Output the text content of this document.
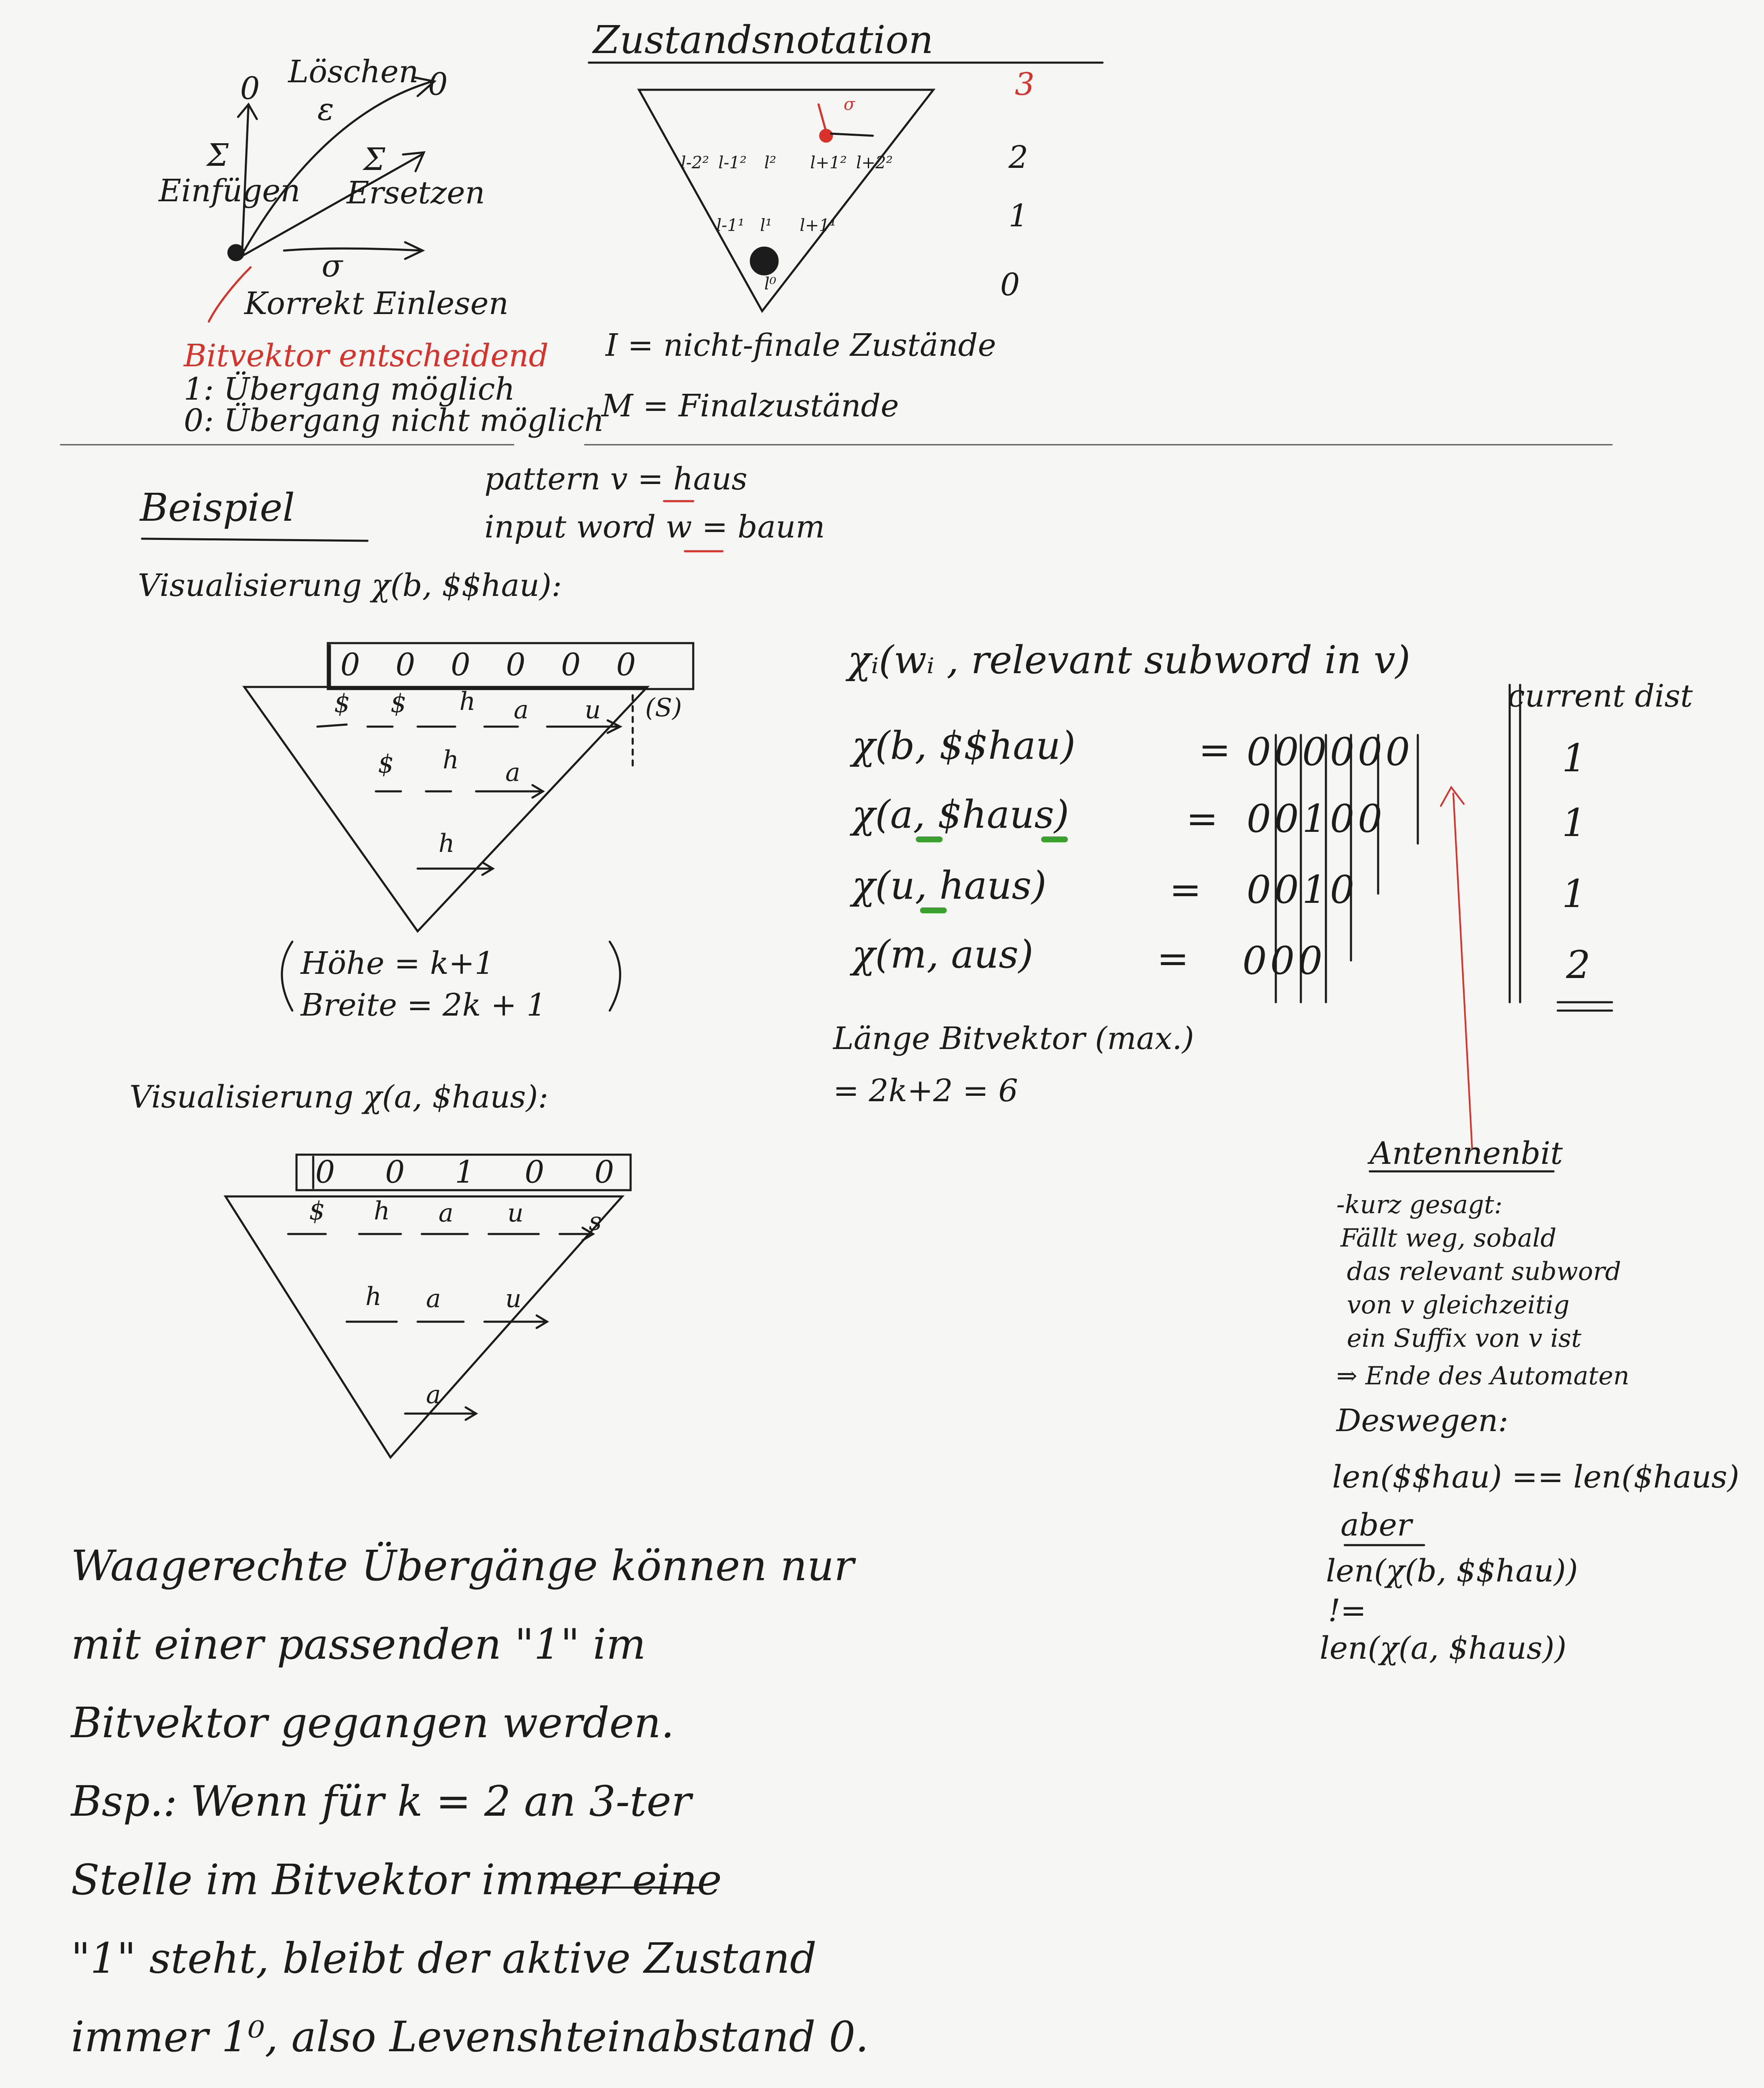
0 Löschen
ε
0
Σ
Einfügen
Σ
Ersetzen
σ
Korrekt Einlesen
Bitvektor entscheidend
1: Übergang möglich
0: Übergang nicht möglich
Zustandsnotation
3
2
1
0
σ
l-2² l-1² l² l+1² l+2²
l-1¹ l¹ l+1¹
l⁰
I = nicht-finale Zustände
M = Finalzustände
Beispiel
pattern v = haus
input word w = baum
Visualisierung χ(b, $$hau):
0 0 0 0 0 0
$ $ h a u (S)
$ h a
h
Höhe = k+1
Breite = 2k + 1
Visualisierung χ(a, $haus):
0 0 1 0 0
$ h a u	s
h a	u
a
χᵢ(wᵢ , relevant subword in v)
current dist
χ(b, $$hau)	= 0 0 0 0 0 0	1
χ(a, $haus)	= 0 0 1 0 0	1
χ(u, haus)	= 0 0 1 0	1
χ(m, aus)	= 0 0 0	2
Länge Bitvektor (max.)
= 2k+2 = 6
Antennenbit
-kurz gesagt:
Fällt weg, sobald
das relevant subword
von v gleichzeitig
ein Suffix von v ist
⇒ Ende des Automaten
Deswegen:
len($$hau) == len($haus)
aber
len(χ(b, $$hau))
!=
len(χ(a, $haus))
Waagerechte Übergänge können nur
mit einer passenden "1" im
Bitvektor gegangen werden.
Bsp.: Wenn für k = 2 an 3-ter
Stelle im Bitvektor immer eine
"1" steht, bleibt der aktive Zustand
immer 1⁰, also Levenshteinabstand 0.
